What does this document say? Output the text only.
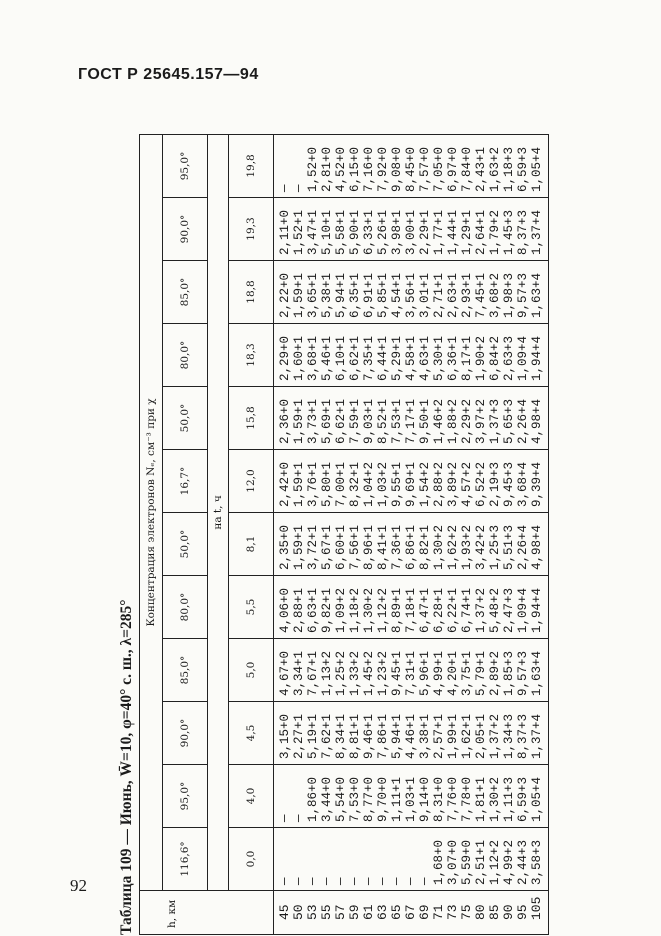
ГОСТ Р 25645.157—94
Таблица 109 — Июнь, W̄=10, φ=40° с. ш., λ=285°	h, км	Концентрация электронов Nₑ, см⁻³ при χ											
	116,6°	95,0°	90,0°	85,0°	80,0°	50,0°	16,7°	50,0°	80,0°	85,0°	90,0°	95,0°
	на t, ч											
	0,0	4,0	4,5	5,0	5,5	8,1	12,0	15,8	18,3	18,8	19,3	19,8
45	—	—	3,15+0	4,67+0	4,06+0	2,35+0	2,42+0	2,36+0	2,29+0	2,22+0	2,11+0	—
50	—	—	2,27+1	3,34+1	2,88+1	1,59+1	1,59+1	1,59+1	1,60+1	1,59+1	1,52+1	—
53	—	1,86+0	5,19+1	7,67+1	6,63+1	3,72+1	3,76+1	3,73+1	3,68+1	3,65+1	3,47+1	1,52+0
55	—	3,44+0	7,62+1	1,13+2	9,82+1	5,67+1	5,80+1	5,69+1	5,46+1	5,38+1	5,10+1	2,81+0
57	—	5,54+0	8,34+1	1,25+2	1,09+2	6,60+1	7,00+1	6,62+1	6,10+1	5,94+1	5,58+1	4,52+0
59	—	7,53+0	8,81+1	1,33+2	1,18+2	7,56+1	8,32+1	7,59+1	6,62+1	6,35+1	5,90+1	6,15+0
61	—	8,77+0	9,46+1	1,45+2	1,30+2	8,96+1	1,04+2	9,03+1	7,35+1	6,91+1	6,33+1	7,16+0
63	—	9,70+0	7,86+1	1,23+2	1,12+2	8,41+1	1,03+2	8,52+1	6,44+1	5,85+1	5,26+1	7,92+0
65	—	1,11+1	5,94+1	9,45+1	8,89+1	7,36+1	9,55+1	7,53+1	5,29+1	4,54+1	3,98+1	9,08+0
67	—	1,03+1	4,46+1	7,31+1	7,18+1	6,86+1	9,69+1	7,17+1	4,58+1	3,56+1	3,00+1	8,45+0
69	—	9,14+0	3,38+1	5,96+1	6,47+1	8,82+1	1,54+2	9,50+1	4,63+1	3,01+1	2,29+1	7,57+0
71	1,68+0	8,31+0	2,57+1	4,99+1	6,28+1	1,30+2	2,88+2	1,46+2	5,30+1	2,71+1	1,77+1	7,05+0
73	3,07+0	7,76+0	1,99+1	4,20+1	6,22+1	1,62+2	3,89+2	1,88+2	6,36+1	2,63+1	1,44+1	6,97+0
75	5,59+0	7,78+0	1,62+1	3,75+1	6,74+1	1,93+2	4,57+2	2,29+2	8,17+1	2,93+1	1,29+1	7,84+0
80	2,51+1	1,81+1	2,05+1	5,79+1	1,37+2	3,42+2	6,52+2	3,97+2	1,90+2	7,45+1	2,64+1	2,43+1
85	1,12+2	1,30+2	1,37+2	2,89+2	5,48+2	1,25+3	2,19+3	1,37+3	6,84+2	3,68+2	1,79+2	1,63+2
90	4,99+2	1,11+3	1,34+3	1,85+3	2,47+3	5,51+3	9,45+3	5,65+3	2,63+3	1,98+3	1,45+3	1,18+3
95	2,44+3	6,59+3	8,37+3	9,57+3	1,09+4	2,26+4	3,68+4	2,26+4	1,09+4	9,57+3	8,37+3	6,59+3
105	3,58+3	1,05+4	1,37+4	1,63+4	1,94+4	4,98+4	9,39+4	4,98+4	1,94+4	1,63+4	1,37+4	1,05+4
92
